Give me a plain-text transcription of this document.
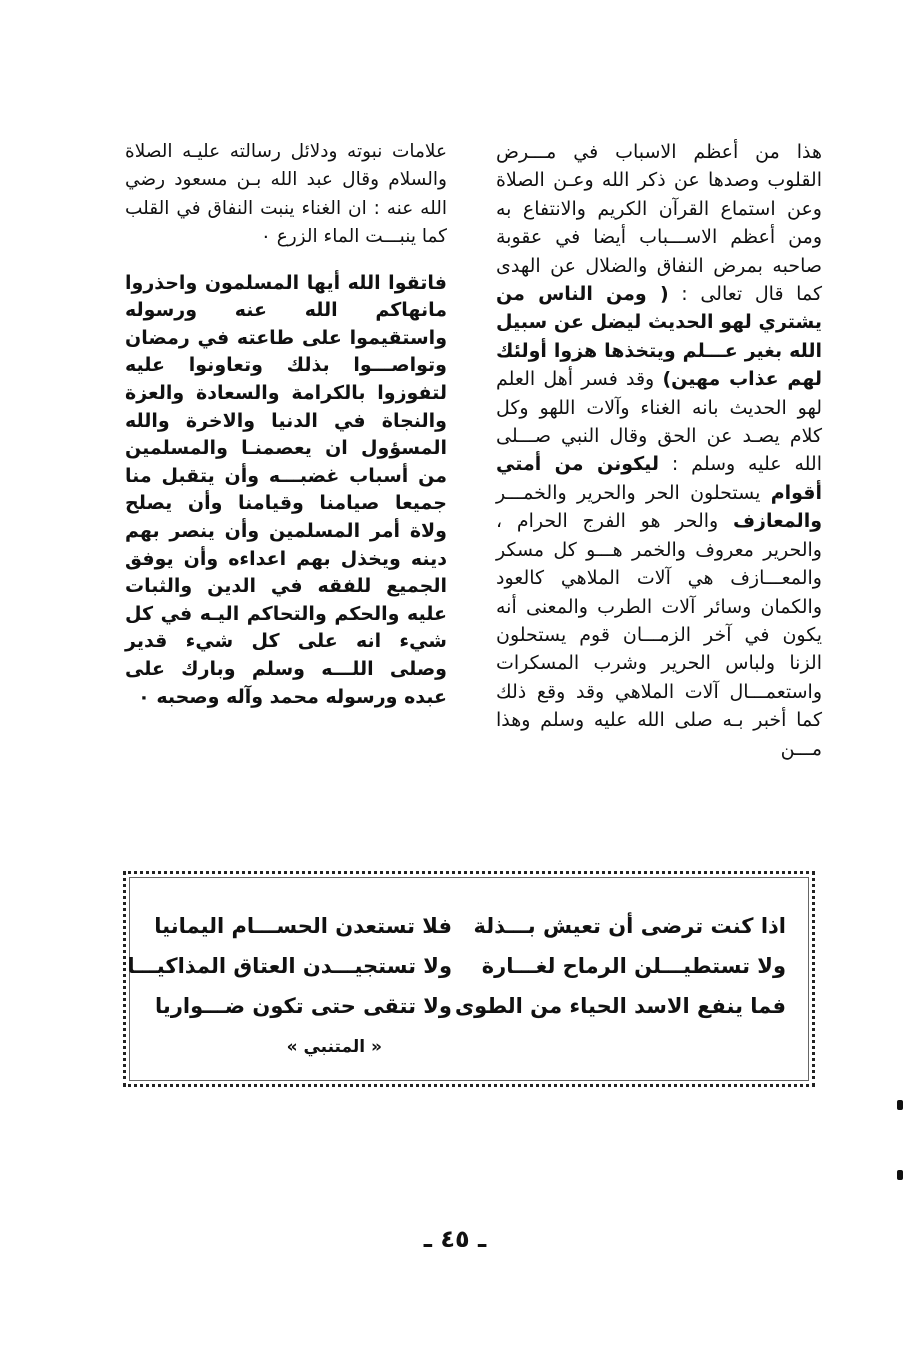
هذا من أعظم الاسباب في مـــرض القلوب وصدها عن ذكر الله وعـن الصلاة وعن استماع القرآن الكريم والانتفاع به ومن أعظم الاســـباب أيضا في عقوبة صاحبه بمرض النفاق والضلال عن الهدى كما قال تعالى : ( ومن الناس من يشتري لهو الحديث ليضل عن سبيل الله بغير عـــلم ويتخذها هزوا أولئك لهم عذاب مهين) وقد فسر أهل العلم لهو الحديث بانه الغناء وآلات اللهو وكل كلام يصـد عن الحق وقال النبي صـــلى الله عليه وسلم : ليكونن من أمتي أقوام يستحلون الحر والحرير والخمـــر والمعازف والحر هو الفرج الحرام ، والحرير معروف والخمر هـــو كل مسكر والمعـــازف هي آلات الملاهي كالعود والكمان وسائر آلات الطرب والمعنى أنه يكون في آخر الزمـــان قوم يستحلون الزنا ولباس الحرير وشرب المسكرات واستعمـــال آلات الملاهي وقد وقع ذلك كما أخبر بـه صلى الله عليه وسلم وهذا مـــن

علامات نبوته ودلائل رسالته عليـه الصلاة والسلام وقال عبد الله بـن مسعود رضي الله عنه : ان الغناء ينبت النفاق في القلب كما ينبـــت الماء الزرع ٠

فاتقوا الله أيها المسلمون واحذروا مانهاكم الله عنه ورسوله واستقيموا على طاعته في رمضان وتواصـــوا بذلك وتعاونوا عليه لتفوزوا بالكرامة والسعادة والعزة والنجاة في الدنيا والاخرة والله المسؤول ان يعصمنـا والمسلمين من أسباب غضبـــه وأن يتقبل منا جميعا صيامنا وقيامنا وأن يصلح ولاة أمر المسلمين وأن ينصر بهم دينه ويخذل بهم اعداءه وأن يوفق الجميع للفقه في الدين والثبات عليه والحكم والتحاكم اليـه في كل شيء انه على كل شيء قدير وصلى اللـــه وسلم وبارك على عبده ورسوله محمد وآله وصحبه ٠

اذا كنت ترضى أن تعيش بـــذلة
فلا تستعدن الحســـام اليمانيا
ولا تستطيـــلن الرماح لغـــارة
ولا تستجيـــدن العتاق المذاكيـــا
فما ينفع الاسد الحياء من الطوى
ولا تتقى حتى تكون ضـــواريا
« المتنبي »
ـ ٤٥ ـ
